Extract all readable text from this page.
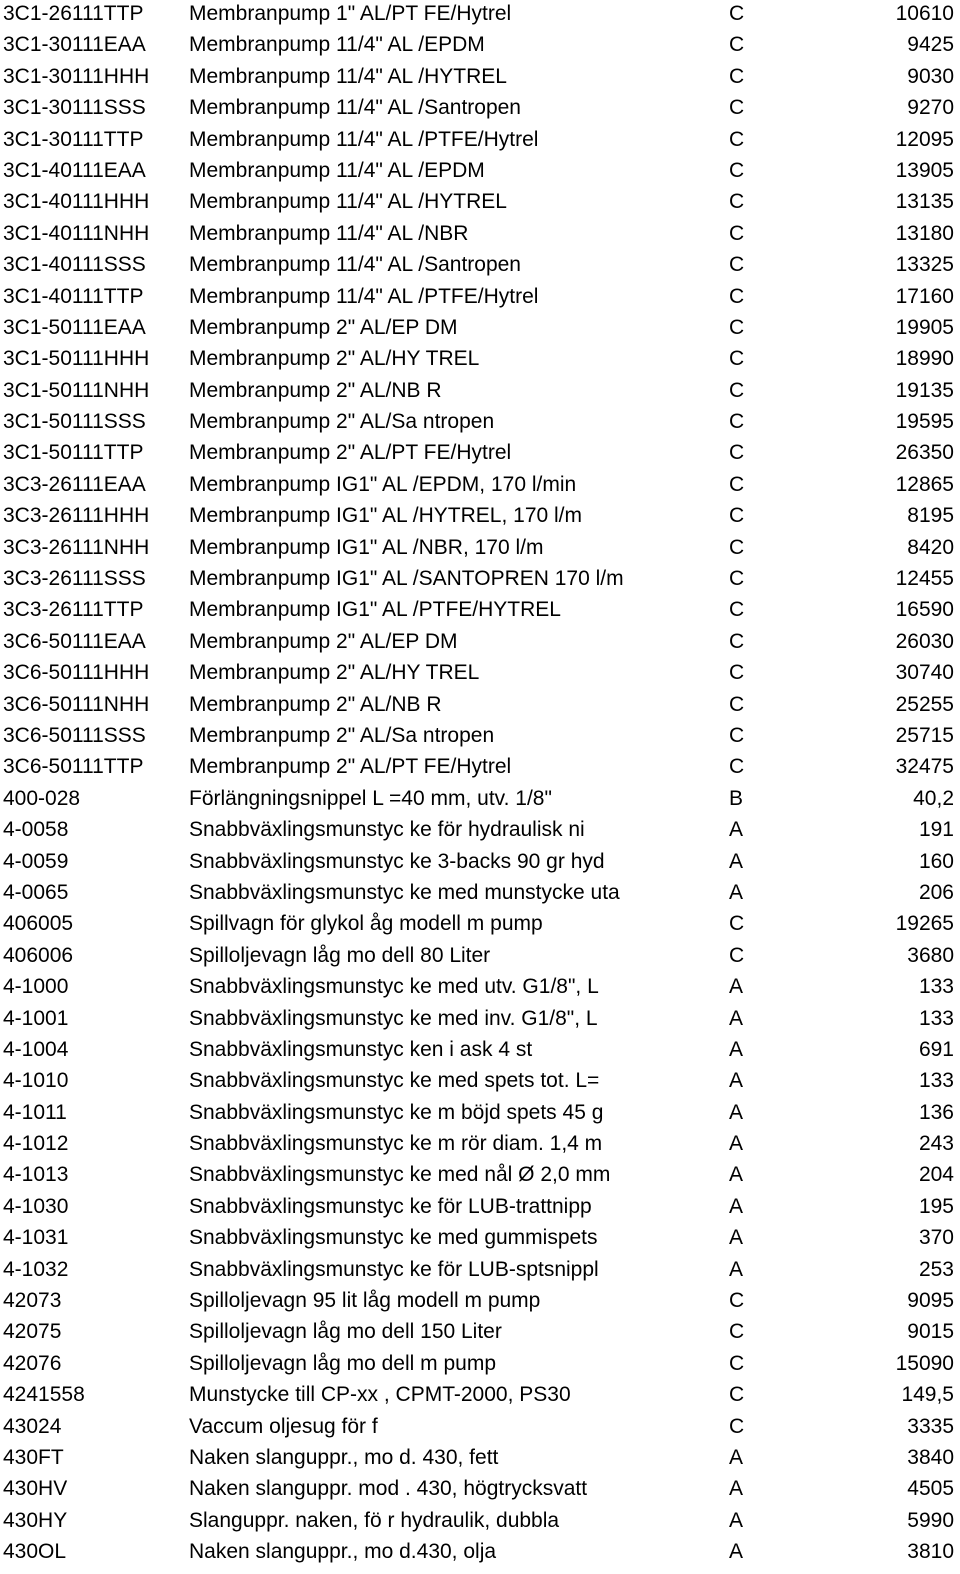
3C1-26111TTP Membranpump 1" AL/PT FE/Hytrel	C	10610
3C1-30111EAA Membranpump 11/4" AL /EPDM	C	9425
3C1-30111HHH Membranpump 11/4" AL /HYTREL	C	9030
3C1-30111SSS Membranpump 11/4" AL /Santropen	C	9270
3C1-30111TTP Membranpump 11/4" AL /PTFE/Hytrel	C	12095
3C1-40111EAA Membranpump 11/4" AL /EPDM	C	13905
3C1-40111HHH Membranpump 11/4" AL /HYTREL	C	13135
3C1-40111NHH Membranpump 11/4" AL /NBR	C	13180
3C1-40111SSS Membranpump 11/4" AL /Santropen	C	13325
3C1-40111TTP Membranpump 11/4" AL /PTFE/Hytrel	C	17160
3C1-50111EAA Membranpump 2" AL/EP DM	C	19905
3C1-50111HHH Membranpump 2" AL/HY TREL	C	18990
3C1-50111NHH Membranpump 2" AL/NB R	C	19135
3C1-50111SSS Membranpump 2" AL/Sa ntropen	C	19595
3C1-50111TTP Membranpump 2" AL/PT FE/Hytrel	C	26350
3C3-26111EAA Membranpump IG1" AL /EPDM, 170 l/min	C	12865
3C3-26111HHH Membranpump IG1" AL /HYTREL, 170 l/m	C	8195
3C3-26111NHH Membranpump IG1" AL /NBR, 170 l/m	C	8420
3C3-26111SSS Membranpump IG1" AL /SANTOPREN 170 l/m	C	12455
3C3-26111TTP Membranpump IG1" AL /PTFE/HYTREL	C	16590
3C6-50111EAA Membranpump 2" AL/EP DM	C	26030
3C6-50111HHH Membranpump 2" AL/HY TREL	C	30740
3C6-50111NHH Membranpump 2" AL/NB R	C	25255
3C6-50111SSS Membranpump 2" AL/Sa ntropen	C	25715
3C6-50111TTP Membranpump 2" AL/PT FE/Hytrel	C	32475
400-028	Förlängningsnippel L =40 mm, utv. 1/8"	B	40,2
4-0058	Snabbväxlingsmunstyc ke för hydraulisk ni	A	191
4-0059	Snabbväxlingsmunstyc ke 3-backs 90 gr hyd	A	160
4-0065	Snabbväxlingsmunstyc ke med munstycke uta	A	206
406005	Spillvagn för glykol åg modell m pump	C	19265
406006	Spilloljevagn låg mo dell 80 Liter	C	3680
4-1000	Snabbväxlingsmunstyc ke med utv. G1/8", L	A	133
4-1001	Snabbväxlingsmunstyc ke med inv. G1/8", L	A	133
4-1004	Snabbväxlingsmunstyc ken i ask 4 st	A	691
4-1010	Snabbväxlingsmunstyc ke med spets tot. L=	A	133
4-1011	Snabbväxlingsmunstyc ke m böjd spets 45 g	A	136
4-1012	Snabbväxlingsmunstyc ke m rör diam. 1,4 m	A	243
4-1013	Snabbväxlingsmunstyc ke med nål Ø 2,0 mm	A	204
4-1030	Snabbväxlingsmunstyc ke för LUB-trattnipp	A	195
4-1031	Snabbväxlingsmunstyc ke med gummispets	A	370
4-1032	Snabbväxlingsmunstyc ke för LUB-sptsnippl	A	253
42073	Spilloljevagn 95 lit låg modell m pump	C	9095
42075	Spilloljevagn låg mo dell 150 Liter	C	9015
42076	Spilloljevagn låg mo dell m pump	C	15090
4241558	Munstycke till CP-xx , CPMT-2000, PS30	C	149,5
43024	Vaccum oljesug för f	C	3335
430FT	Naken slanguppr., mo d. 430, fett	A	3840
430HV	Naken slanguppr. mod . 430, högtrycksvatt	A	4505
430HY	Slanguppr. naken, fö r hydraulik, dubbla	A	5990
430OL	Naken slanguppr., mo d.430, olja	A	3810
